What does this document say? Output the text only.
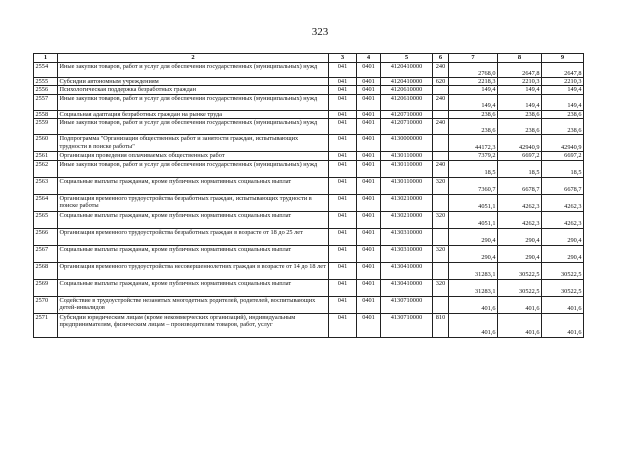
323
1	2	3	4	5	6	7	8	9
2554	Иные закупки товаров, работ и услуг для обеспечения государственных (муниципальных) нужд	041	0401	4120410000	240	2768,0	2647,8	2647,8
2555	Субсидии автономным учреждениям	041	0401	4120410000	620	2218,3	2210,3	2210,3
2556	Психологическая поддержка безработных граждан	041	0401	4120610000		149,4	149,4	149,4
2557	Иные закупки товаров, работ и услуг для обеспечения государственных (муниципальных) нужд	041	0401	4120610000	240	149,4	149,4	149,4
2558	Социальная адаптация безработных граждан на рынке труда	041	0401	4120710000		238,6	238,6	238,6
2559	Иные закупки товаров, работ и услуг для обеспечения государственных (муниципальных) нужд	041	0401	4120710000	240	238,6	238,6	238,6
2560	Подпрограмма "Организация общественных работ и занятости граждан, испытывающих трудности в поиске работы"	041	0401	4130000000		44172,3	42940,9	42940,9
2561	Организация проведения оплачиваемых общественных работ	041	0401	4130110000		7379,2	6697,2	6697,2
2562	Иные закупки товаров, работ и услуг для обеспечения государственных (муниципальных) нужд	041	0401	4130110000	240	18,5	18,5	18,5
2563	Социальные выплаты гражданам, кроме публичных нормативных социальных выплат	041	0401	4130110000	320	7360,7	6678,7	6678,7
2564	Организация временного трудоустройства безработных граждан, испытывающих трудности в поиске работы	041	0401	4130210000		4051,1	4262,3	4262,3
2565	Социальные выплаты гражданам, кроме публичных нормативных социальных выплат	041	0401	4130210000	320	4051,1	4262,3	4262,3
2566	Организация временного трудоустройства безработных граждан в возрасте от 18 до 25 лет	041	0401	4130310000		290,4	290,4	290,4
2567	Социальные выплаты гражданам, кроме публичных нормативных социальных выплат	041	0401	4130310000	320	290,4	290,4	290,4
2568	Организация временного трудоустройства несовершеннолетних граждан в возрасте от 14 до 18 лет	041	0401	4130410000		31283,1	30522,5	30522,5
2569	Социальные выплаты гражданам, кроме публичных нормативных социальных выплат	041	0401	4130410000	320	31283,1	30522,5	30522,5
2570	Содействие в трудоустройстве незанятых многодетных родителей, родителей, воспитывающих детей-инвалидов	041	0401	4130710000		401,6	401,6	401,6
2571	Субсидии юридическим лицам (кроме некоммерческих организаций), индивидуальным предпринимателям, физическим лицам – производителям товаров, работ, услуг	041	0401	4130710000	810	401,6	401,6	401,6
